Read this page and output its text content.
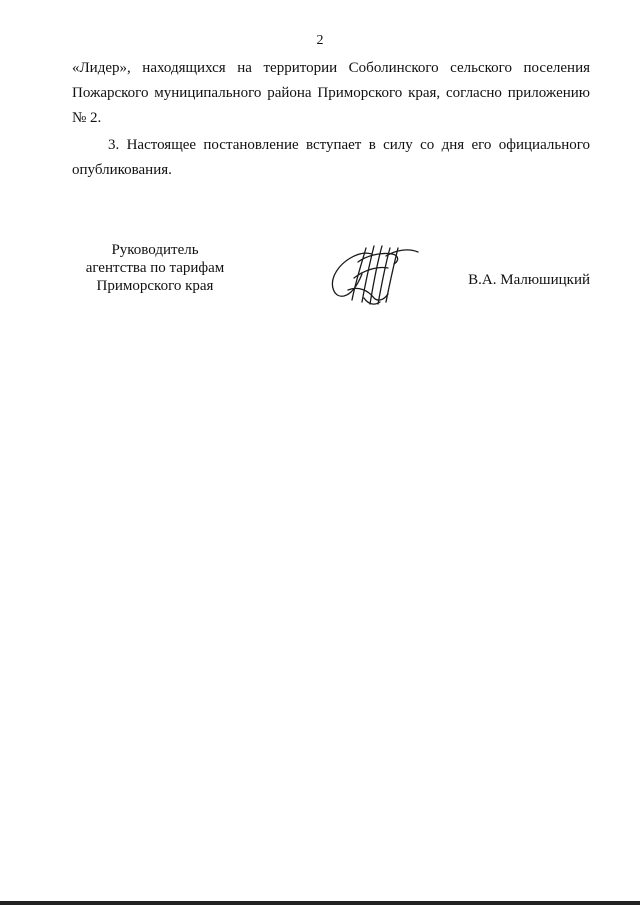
2
«Лидер», находящихся на территории Соболинского сельского поселения
Пожарского муниципального района Приморского края, согласно приложению
№ 2.
3. Настоящее постановление вступает в силу со дня его официального
опубликования.
Руководитель
агентства по тарифам
Приморского края	В.А. Малюшицкий
